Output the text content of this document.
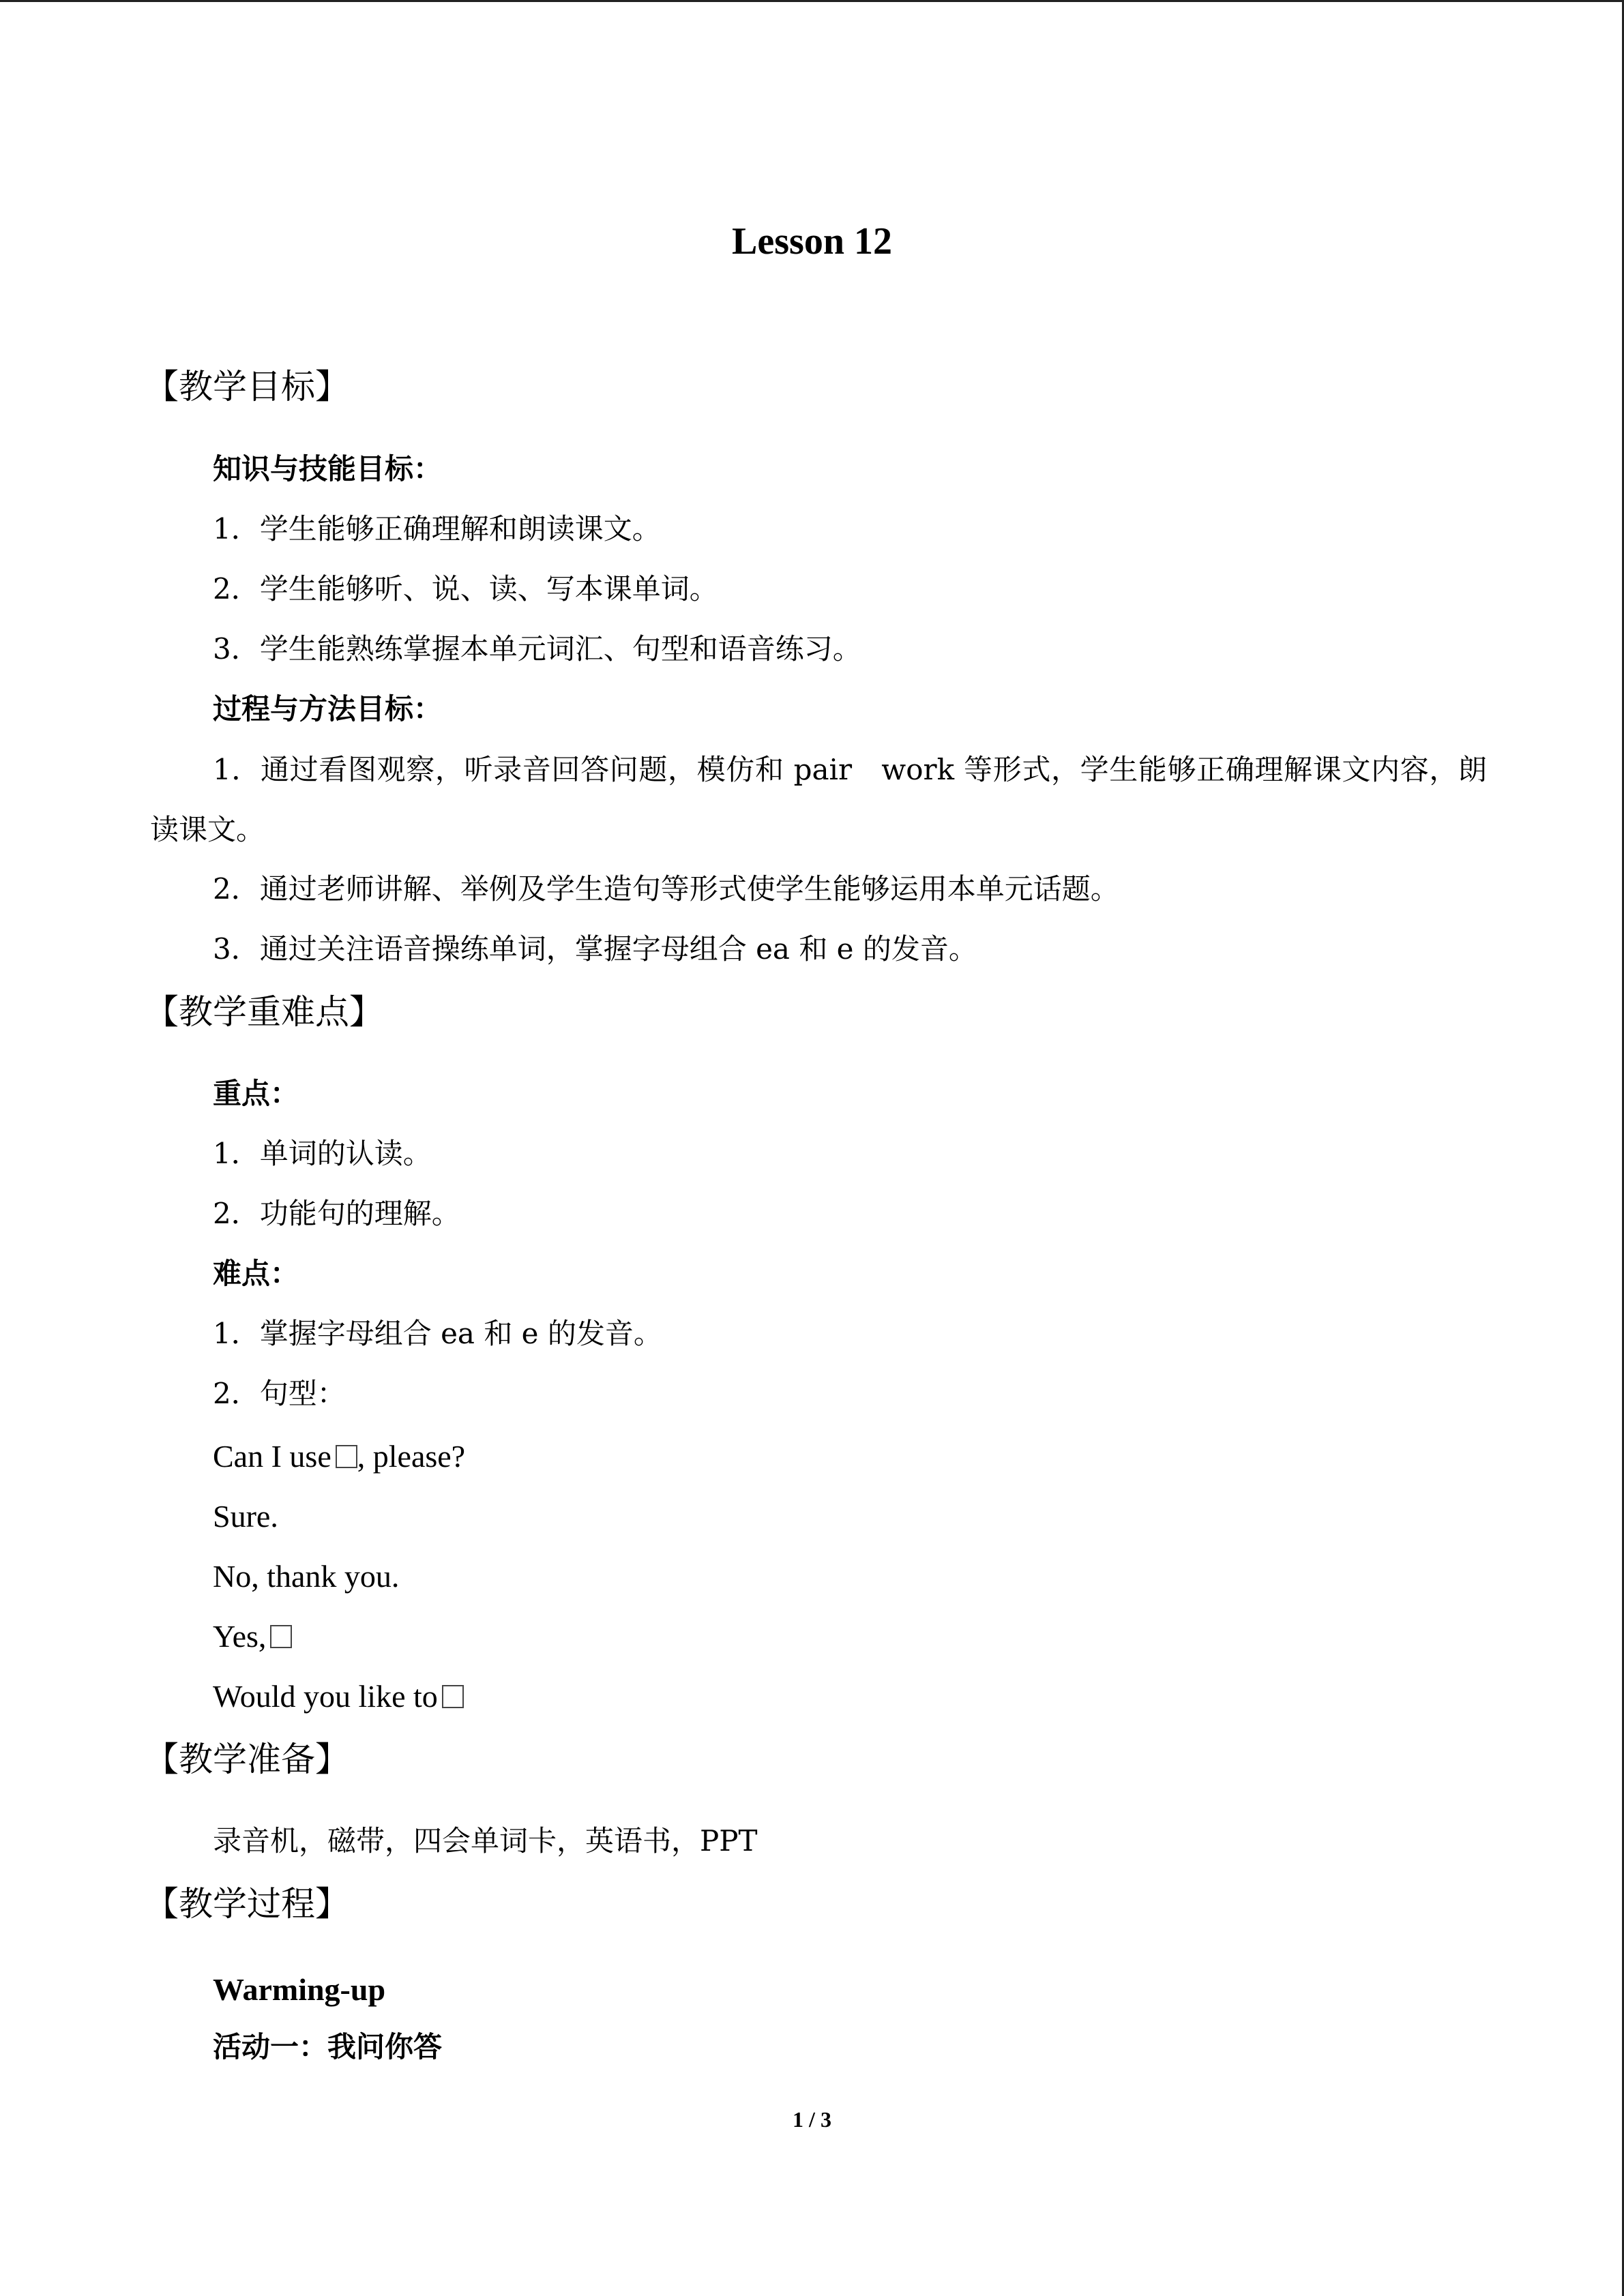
Lesson 12
【教学目标】
知识与技能目标：
1．学生能够正确理解和朗读课文。
2．学生能够听、说、读、写本课单词。
3．学生能熟练掌握本单元词汇、句型和语音练习。
过程与方法目标：
1．通过看图观察，听录音回答问题，模仿和 pair　work 等形式，学生能够正确理解课文内容，朗读课文。
2．通过老师讲解、举例及学生造句等形式使学生能够运用本单元话题。
3．通过关注语音操练单词，掌握字母组合 ea 和 e 的发音。
【教学重难点】
重点：
1．单词的认读。
2．功能句的理解。
难点：
1．掌握字母组合 ea 和 e 的发音。
2．句型：
Can I use , please?
Sure.
No, thank you.
Yes,
Would you like to
【教学准备】
录音机，磁带，四会单词卡，英语书，PPT
【教学过程】
Warming-up
活动一：我问你答
1 / 3
